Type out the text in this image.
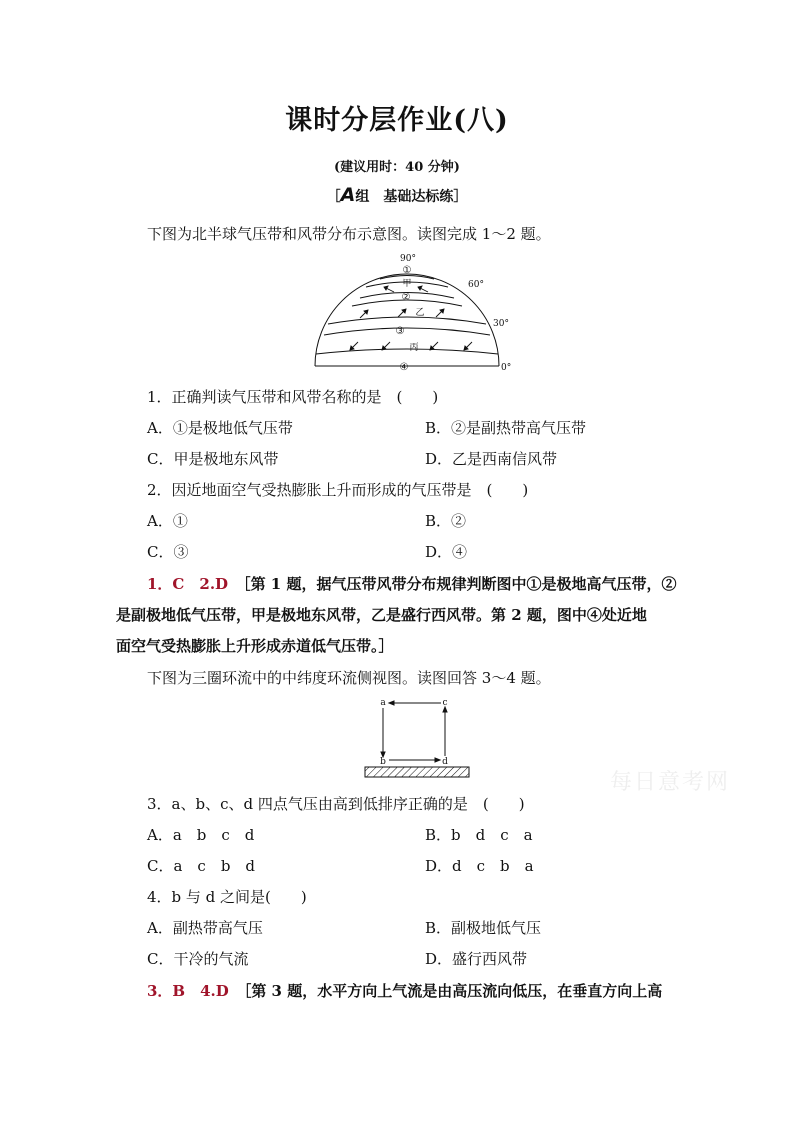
课时分层作业(八)
(建议用时：40 分钟)
［A组　基础达标练］
下图为北半球气压带和风带分布示意图。读图完成 1～2 题。
90°
60°
30°
0°
①
甲
②
乙
③
丙
④
1．正确判读气压带和风带名称的是　(　　)
A．①是极地低气压带	B．②是副热带高气压带
C．甲是极地东风带	D．乙是西南信风带
2．因近地面空气受热膨胀上升而形成的气压带是　(　　)
A．①	B．②
C．③	D．④
1．C　2.D　 ［第 1 题，据气压带风带分布规律判断图中①是极地高气压带，②
是副极地低气压带，甲是极地东风带，乙是盛行西风带。第 2 题，图中④处近地
面空气受热膨胀上升形成赤道低气压带。］
下图为三圈环流中的中纬度环流侧视图。读图回答 3～4 题。
a	c
b	d
每日意考网
3．a、b、c、d 四点气压由高到低排序正确的是　(　　)
A．a　b　c　d	B．b　d　c　a
C．a　c　b　d	D．d　c　b　a
4．b 与 d 之间是(　　)
A．副热带高气压	B．副极地低气压
C．干冷的气流	D．盛行西风带
3．B　4.D　 ［第 3 题，水平方向上气流是由高压流向低压，在垂直方向上高
